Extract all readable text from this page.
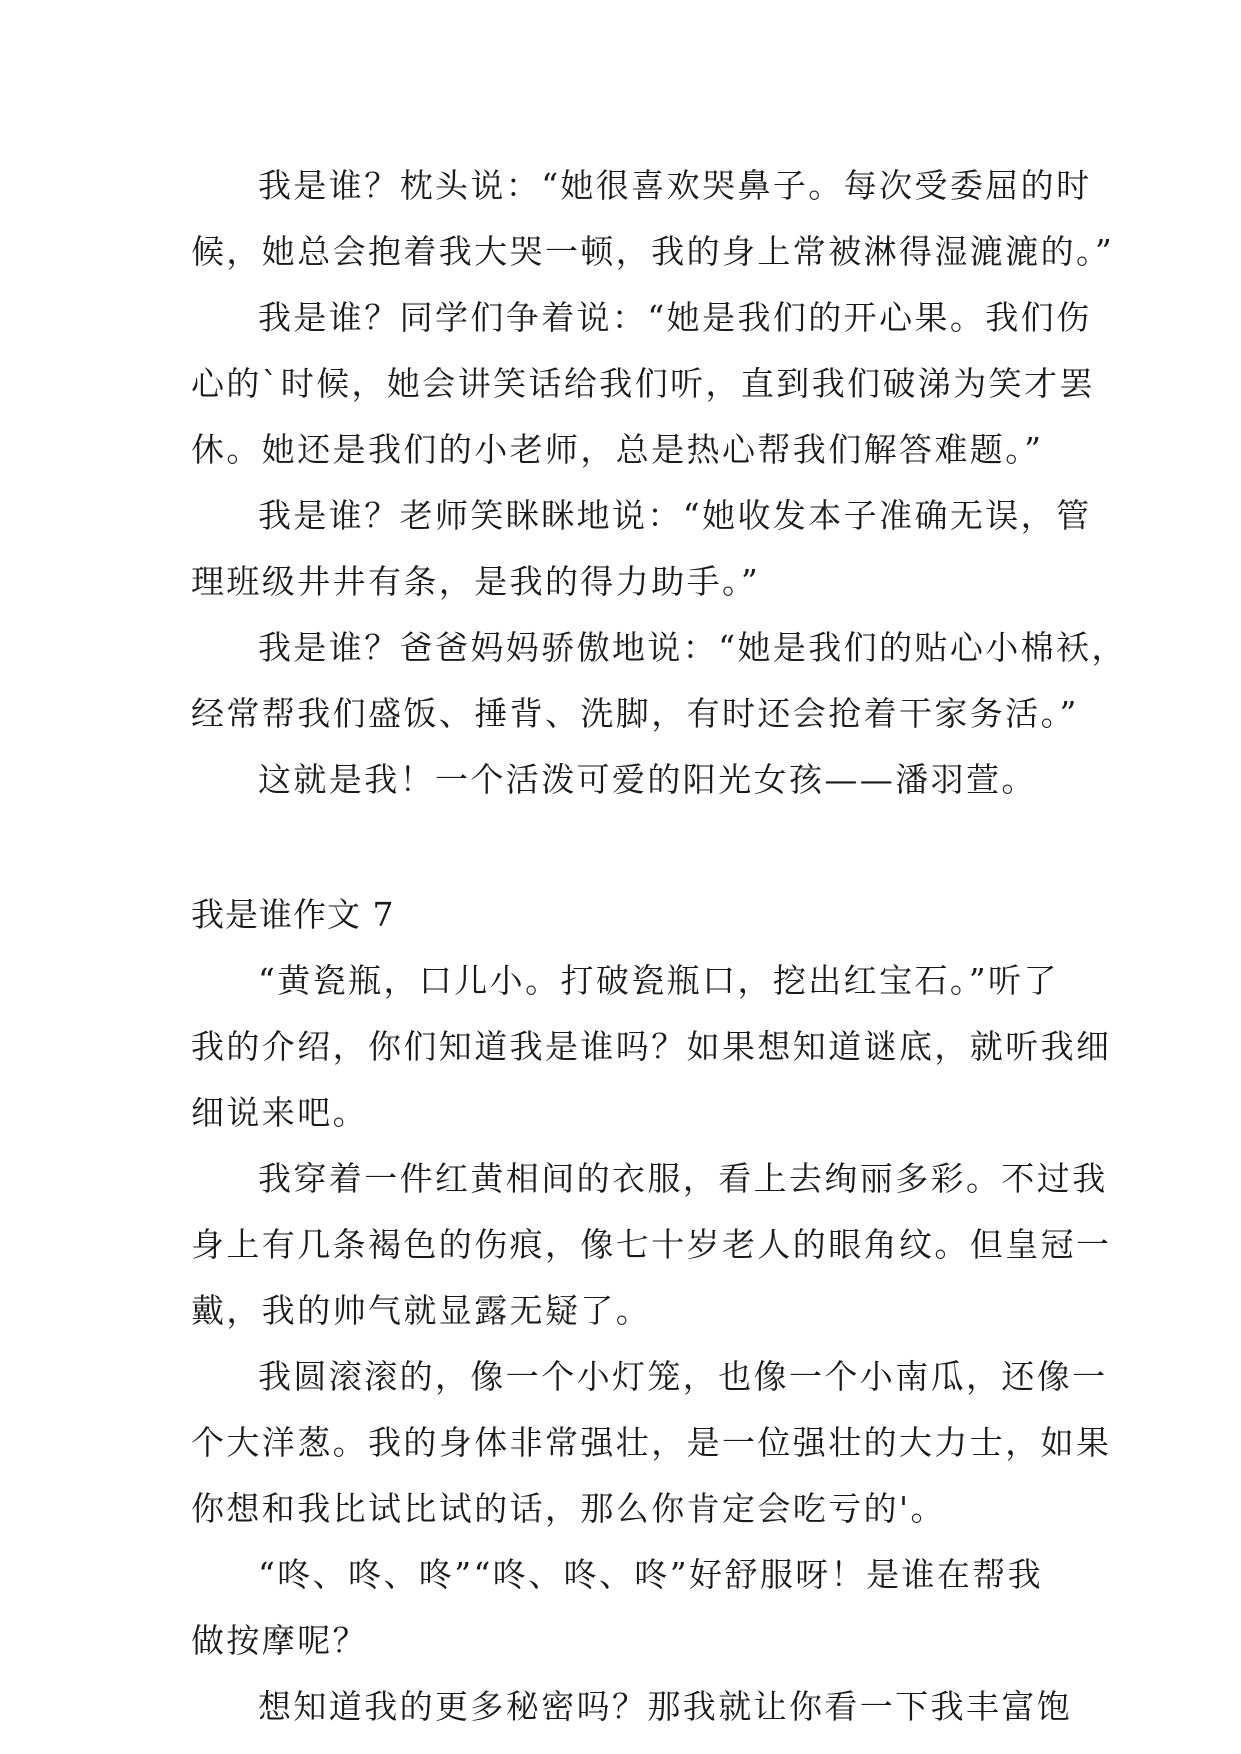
我是谁？枕头说：“她很喜欢哭鼻子。每次受委屈的时
候，她总会抱着我大哭一顿，我的身上常被淋得湿漉漉的。”
我是谁？同学们争着说：“她是我们的开心果。我们伤
心的`时候，她会讲笑话给我们听，直到我们破涕为笑才罢
休。她还是我们的小老师，总是热心帮我们解答难题。”
我是谁？老师笑眯眯地说：“她收发本子准确无误，管
理班级井井有条，是我的得力助手。”
我是谁？爸爸妈妈骄傲地说：“她是我们的贴心小棉袄，
经常帮我们盛饭、捶背、洗脚，有时还会抢着干家务活。”
这就是我！一个活泼可爱的阳光女孩——潘羽萱。
我是谁作文 7
“黄瓷瓶，口儿小。打破瓷瓶口，挖出红宝石。”听了
我的介绍，你们知道我是谁吗？如果想知道谜底，就听我细
细说来吧。
我穿着一件红黄相间的衣服，看上去绚丽多彩。不过我
身上有几条褐色的伤痕，像七十岁老人的眼角纹。但皇冠一
戴，我的帅气就显露无疑了。
我圆滚滚的，像一个小灯笼，也像一个小南瓜，还像一
个大洋葱。我的身体非常强壮，是一位强壮的大力士，如果
你想和我比试比试的话，那么你肯定会吃亏的'。
“咚、咚、咚”“咚、咚、咚”好舒服呀！是谁在帮我
做按摩呢？
想知道我的更多秘密吗？那我就让你看一下我丰富饱
